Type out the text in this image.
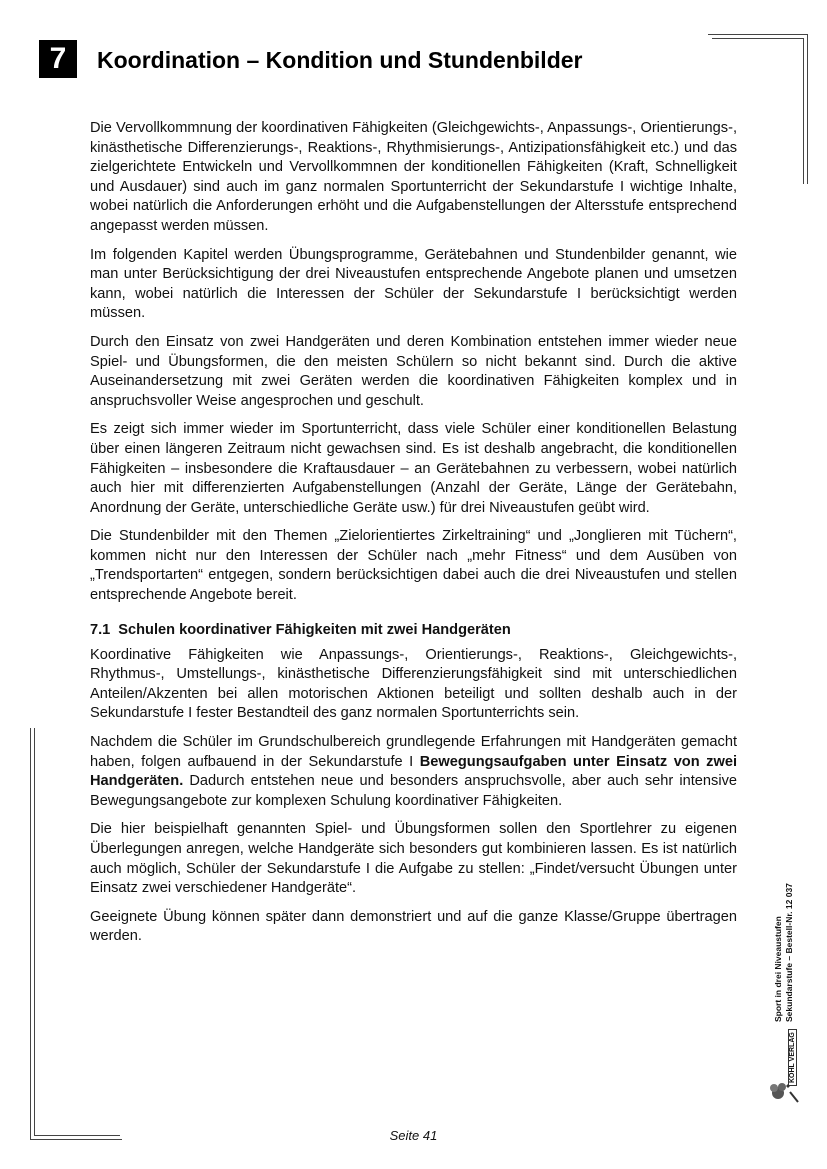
7	Koordination – Kondition und Stundenbilder

Die Vervollkommnung der koordinativen Fähigkeiten (Gleichgewichts-, Anpassungs-, Orientierungs-, kinästhetische Differenzierungs-, Reaktions-, Rhythmisierungs-, Antizipationsfähigkeit etc.) und das zielgerichtete Entwickeln und Vervollkommnen der konditionellen Fähigkeiten (Kraft, Schnelligkeit und Ausdauer) sind auch im ganz normalen Sportunterricht der Sekundarstufe I wichtige Inhalte, wobei natürlich die Anforderungen erhöht und die Aufgabenstellungen der Altersstufe entsprechend angepasst werden müssen.

Im folgenden Kapitel werden Übungsprogramme, Gerätebahnen und Stundenbilder genannt, wie man unter Berücksichtigung der drei Niveaustufen entsprechende Angebote planen und umsetzen kann, wobei natürlich die Interessen der Schüler der Sekundarstufe I berücksichtigt werden müssen.

Durch den Einsatz von zwei Handgeräten und deren Kombination entstehen immer wieder neue Spiel- und Übungsformen, die den meisten Schülern so nicht bekannt sind. Durch die aktive Auseinandersetzung mit zwei Geräten werden die koordinativen Fähigkeiten komplex und in anspruchsvoller Weise angesprochen und geschult.

Es zeigt sich immer wieder im Sportunterricht, dass viele Schüler einer konditionellen Belastung über einen längeren Zeitraum nicht gewachsen sind. Es ist deshalb angebracht, die konditionellen Fähigkeiten – insbesondere die Kraftausdauer – an Gerätebahnen zu verbessern, wobei natürlich auch hier mit differenzierten Aufgabenstellungen (Anzahl der Geräte, Länge der Gerätebahn, Anordnung der Geräte, unterschiedliche Geräte usw.) für drei Niveaustufen geübt wird.

Die Stundenbilder mit den Themen „Zielorientiertes Zirkeltraining“ und „Jonglieren mit Tüchern“, kommen nicht nur den Interessen der Schüler nach „mehr Fitness“ und dem Ausüben von „Trendsportarten“ entgegen, sondern berücksichtigen dabei auch die drei Niveaustufen und stellen entsprechende Angebote bereit.

7.1 Schulen koordinativer Fähigkeiten mit zwei Handgeräten

Koordinative Fähigkeiten wie Anpassungs-, Orientierungs-, Reaktions-, Gleichgewichts-, Rhythmus-, Umstellungs-, kinästhetische Differenzierungsfähigkeit sind mit unterschiedlichen Anteilen/Akzenten bei allen motorischen Aktionen beteiligt und sollten deshalb auch in der Sekundarstufe I fester Bestandteil des ganz normalen Sportunterrichts sein.

Nachdem die Schüler im Grundschulbereich grundlegende Erfahrungen mit Handgeräten gemacht haben, folgen aufbauend in der Sekundarstufe I Bewegungsaufgaben unter Einsatz von zwei Handgeräten. Dadurch entstehen neue und besonders anspruchsvolle, aber auch sehr intensive Bewegungsangebote zur komplexen Schulung koordinativer Fähigkeiten.

Die hier beispielhaft genannten Spiel- und Übungsformen sollen den Sportlehrer zu eigenen Überlegungen anregen, welche Handgeräte sich besonders gut kombinieren lassen. Es ist natürlich auch möglich, Schüler der Sekundarstufe I die Aufgabe zu stellen: „Findet/versucht Übungen unter Einsatz zwei verschiedener Handgeräte“.

Geeignete Übung können später dann demonstriert und auf die ganze Klasse/Gruppe übertragen werden.	Sport in drei Niveaustufen Sekundarstufe – Bestell-Nr. 12 037
KOHL VERLAG
Seite 41
